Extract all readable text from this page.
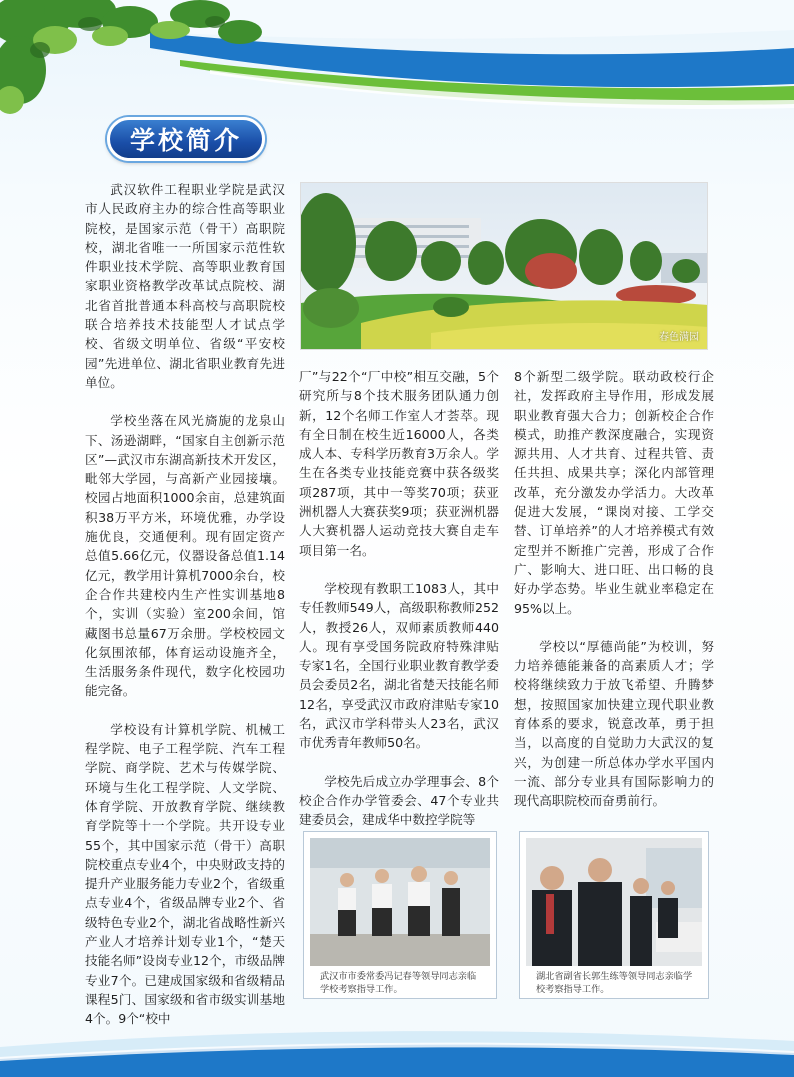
学校简介
春色满园

武汉软件工程职业学院是武汉市人民政府主办的综合性高等职业院校，是国家示范（骨干）高职院校，湖北省唯一一所国家示范性软件职业技术学院、高等职业教育国家职业资格教学改革试点院校、湖北省首批普通本科高校与高职院校联合培养技术技能型人才试点学校、省级文明单位、省级“平安校园”先进单位、湖北省职业教育先进单位。

学校坐落在风光旖旎的龙泉山下、汤逊湖畔，“国家自主创新示范区”—武汉市东湖高新技术开发区，毗邻大学园，与高新产业园接壤。校园占地面积1000余亩，总建筑面积38万平方米，环境优雅，办学设施优良，交通便利。现有固定资产总值5.66亿元，仪器设备总值1.14亿元，教学用计算机7000余台，校企合作共建校内生产性实训基地8个，实训（实验）室200余间，馆藏图书总量67万余册。学校校园文化氛围浓郁，体育运动设施齐全，生活服务条件现代，数字化校园功能完备。

学校设有计算机学院、机械工程学院、电子工程学院、汽车工程学院、商学院、艺术与传媒学院、环境与生化工程学院、人文学院、体育学院、开放教育学院、继续教育学院等十一个学院。共开设专业55个，其中国家示范（骨干）高职院校重点专业4个，中央财政支持的提升产业服务能力专业2个，省级重点专业4个，省级品牌专业2个、省级特色专业2个，湖北省战略性新兴产业人才培养计划专业1个，“楚天技能名师”设岗专业12个，市级品牌专业7个。已建成国家级和省级精品课程5门、国家级和省市级实训基地4个。9个“校中

厂”与22个“厂中校”相互交融，5个研究所与8个技术服务团队通力创新，12个名师工作室人才荟萃。现有全日制在校生近16000人，各类成人本、专科学历教育3万余人。学生在各类专业技能竞赛中获各级奖项287项，其中一等奖70项；获亚洲机器人大赛获奖9项；获亚洲机器人大赛机器人运动竞技大赛自走车项目第一名。

学校现有教职工1083人，其中专任教师549人，高级职称教师252人，教授26人，双师素质教师440人。现有享受国务院政府特殊津贴专家1名，全国行业职业教育教学委员会委员2名，湖北省楚天技能名师12名，享受武汉市政府津贴专家10名，武汉市学科带头人23名，武汉市优秀青年教师50名。

学校先后成立办学理事会、8个校企合作办学管委会、47个专业共建委员会，建成华中数控学院等

8个新型二级学院。联动政校行企社，发挥政府主导作用，形成发展职业教育强大合力；创新校企合作模式，助推产教深度融合，实现资源共用、人才共育、过程共管、责任共担、成果共享；深化内部管理改革，充分激发办学活力。大改革促进大发展，“课岗对接、工学交替、订单培养”的人才培养模式有效定型并不断推广完善，形成了合作广、影响大、进口旺、出口畅的良好办学态势。毕业生就业率稳定在95%以上。

学校以“厚德尚能”为校训，努力培养德能兼备的高素质人才；学校将继续致力于放飞希望、升腾梦想，按照国家加快建立现代职业教育体系的要求，锐意改革，勇于担当，以高度的自觉助力大武汉的复兴，为创建一所总体办学水平国内一流、部分专业具有国际影响力的现代高职院校而奋勇前行。

武汉市市委常委冯记春等领导同志亲临学校考察指导工作。
湖北省副省长郭生练等领导同志亲临学校考察指导工作。
